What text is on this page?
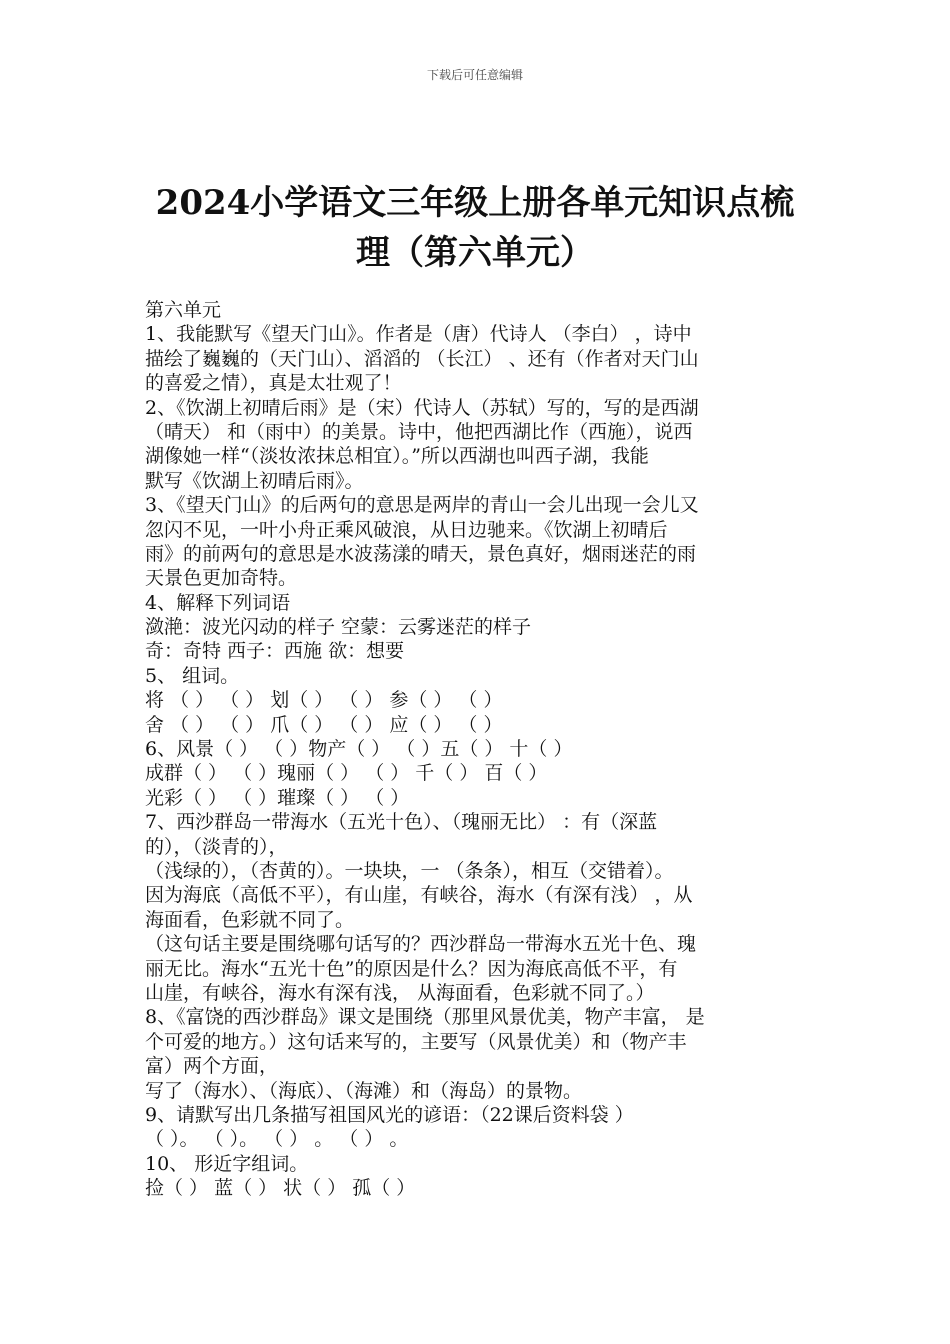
下载后可任意编辑
2024小学语文三年级上册各单元知识点梳
理（第六单元）
第六单元
1、我能默写《望天门山》。作者是（唐）代诗人 （李白） ，诗中
描绘了巍巍的（天门山）、滔滔的 （长江） 、还有（作者对天门山
的喜爱之情），真是太壮观了！
2、《饮湖上初晴后雨》是（宋）代诗人（苏轼）写的，写的是西湖
（晴天） 和（雨中）的美景。诗中，他把西湖比作（西施），说西
湖像她一样“（淡妆浓抹总相宜）。”所以西湖也叫西子湖，我能
默写《饮湖上初晴后雨》。
3、《望天门山》的后两句的意思是两岸的青山一会儿出现一会儿又
忽闪不见，一叶小舟正乘风破浪，从日边驰来。《饮湖上初晴后
雨》的前两句的意思是水波荡漾的晴天，景色真好，烟雨迷茫的雨
天景色更加奇特。
4、解释下列词语
潋滟：波光闪动的样子 空蒙：云雾迷茫的样子
奇：奇特 西子：西施 欲：想要
5、 组词。
将 （ ） （ ） 划（ ） （ ） 参（ ） （ ）
舍 （ ） （ ） 爪（ ） （ ） 应（ ） （ ）
6、风景（ ） （ ）物产（ ） （ ）五（ ） 十（ ）
成群（ ） （ ）瑰丽（ ） （ ） 千（ ） 百（ ）
光彩（ ） （ ）璀璨（ ） （ ）
7、西沙群岛一带海水（五光十色）、（瑰丽无比） ：有（深蓝
的），（淡青的），
（浅绿的），（杏黄的）。一块块，一 （条条），相互（交错着）。
因为海底（高低不平），有山崖，有峡谷，海水（有深有浅） ，从
海面看，色彩就不同了。
（这句话主要是围绕哪句话写的？西沙群岛一带海水五光十色、瑰
丽无比。海水“五光十色”的原因是什么？因为海底高低不平，有
山崖，有峡谷，海水有深有浅， 从海面看，色彩就不同了。）
8、《富饶的西沙群岛》课文是围绕（那里风景优美，物产丰富， 是
个可爱的地方。）这句话来写的，主要写（风景优美）和（物产丰
富）两个方面，
写了（海水）、（海底）、（海滩）和（海岛）的景物。
9、请默写出几条描写祖国风光的谚语：（22课后资料袋 ）
（ ）。 （ ）。 （ ） 。 （ ） 。
10、 形近字组词。
捡（ ） 蓝（ ） 状（ ） 孤（ ）
